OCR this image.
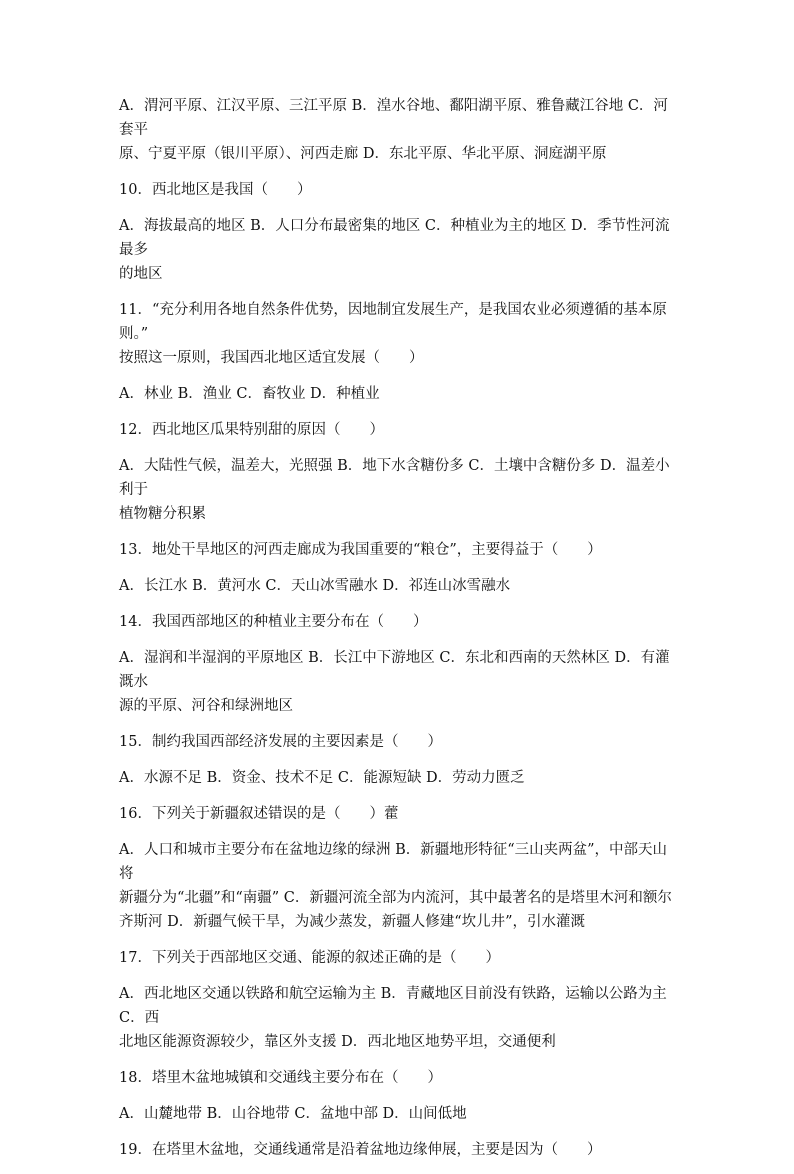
A．渭河平原、江汉平原、三江平原 B．湟水谷地、鄱阳湖平原、雅鲁藏江谷地 C．河套平

原、宁夏平原（银川平原）、河西走廊 D．东北平原、华北平原、洞庭湖平原

10．西北地区是我国（　　）

A．海拔最高的地区 B．人口分布最密集的地区 C．种植业为主的地区 D．季节性河流最多

的地区

11．“充分利用各地自然条件优势，因地制宜发展生产，是我国农业必须遵循的基本原则。”

按照这一原则，我国西北地区适宜发展（　　）

A．林业 B．渔业 C．畜牧业 D．种植业

12．西北地区瓜果特别甜的原因（　　）

A．大陆性气候，温差大，光照强 B．地下水含糖份多 C．土壤中含糖份多 D．温差小利于

植物糖分积累

13．地处干旱地区的河西走廊成为我国重要的“粮仓”，主要得益于（　　）

A．长江水 B．黄河水 C．天山冰雪融水 D．祁连山冰雪融水

14．我国西部地区的种植业主要分布在（　　）

A．湿润和半湿润的平原地区 B．长江中下游地区 C．东北和西南的天然林区 D．有灌溉水

源的平原、河谷和绿洲地区

15．制约我国西部经济发展的主要因素是（　　）

A．水源不足 B．资金、技术不足 C．能源短缺 D．劳动力匮乏

16．下列关于新疆叙述错误的是（　　）藿

A．人口和城市主要分布在盆地边缘的绿洲 B．新疆地形特征“三山夹两盆”，中部天山将

新疆分为“北疆”和“南疆” C．新疆河流全部为内流河，其中最著名的是塔里木河和额尔

齐斯河 D．新疆气候干旱，为减少蒸发，新疆人修建“坎儿井”，引水灌溉

17．下列关于西部地区交通、能源的叙述正确的是（　　）

A．西北地区交通以铁路和航空运输为主 B．青藏地区目前没有铁路，运输以公路为主 C．西

北地区能源资源较少，靠区外支援 D．西北地区地势平坦，交通便利

18．塔里木盆地城镇和交通线主要分布在（　　）

A．山麓地带 B．山谷地带 C．盆地中部 D．山间低地

19．在塔里木盆地，交通线通常是沿着盆地边缘伸展，主要是因为（　　）
